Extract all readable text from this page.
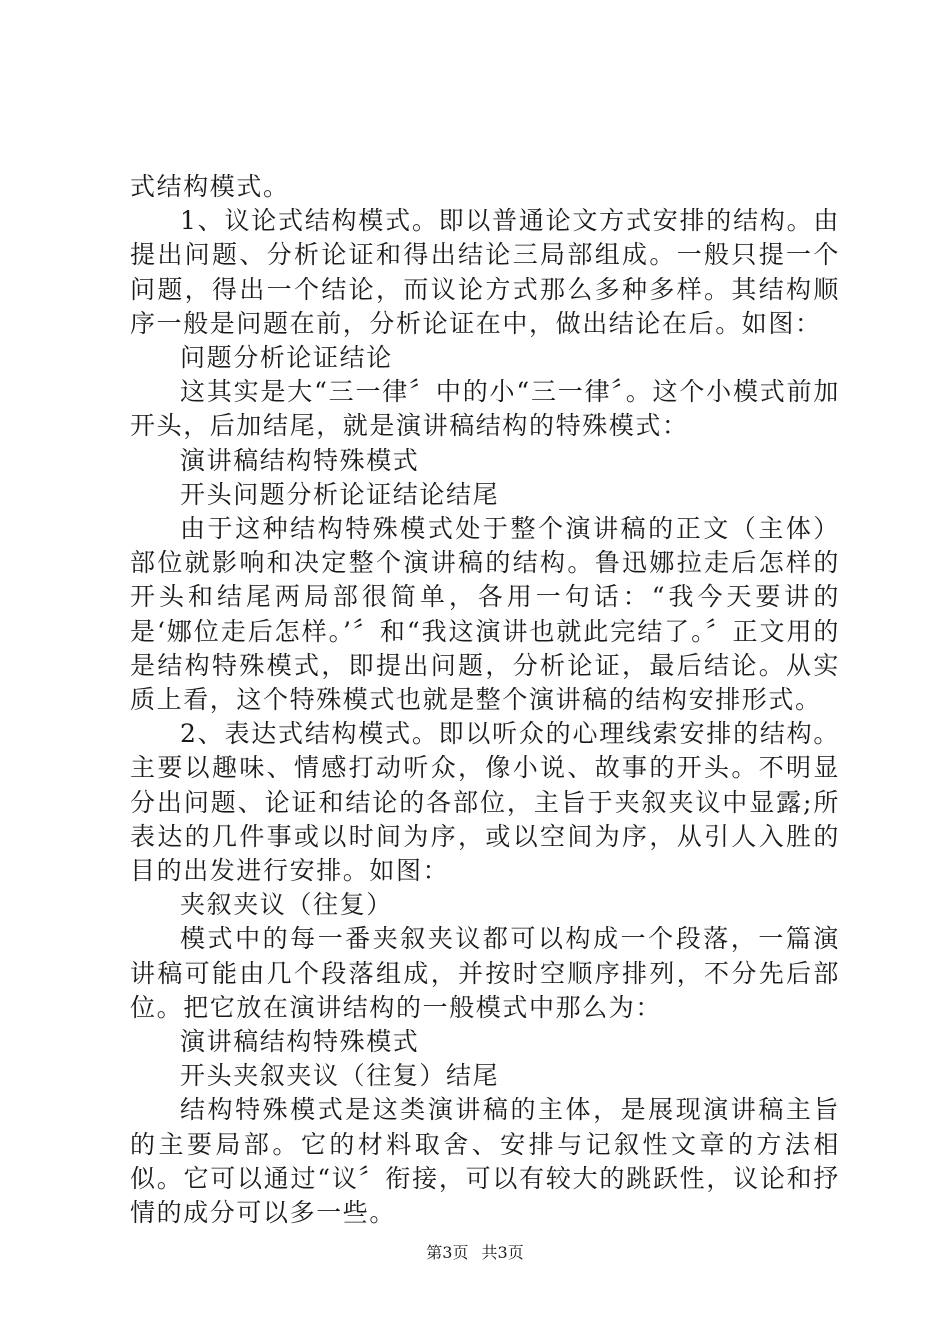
式结构模式。

1、议论式结构模式。即以普通论文方式安排的结构。由提出问题、分析论证和得出结论三局部组成。一般只提一个问题，得出一个结论，而议论方式那么多种多样。其结构顺序一般是问题在前，分析论证在中，做出结论在后。如图：

问题分析论证结论

这其实是大“三一律〞中的小“三一律〞。这个小模式前加开头，后加结尾，就是演讲稿结构的特殊模式：

演讲稿结构特殊模式

开头问题分析论证结论结尾

由于这种结构特殊模式处于整个演讲稿的正文（主体）部位就影响和决定整个演讲稿的结构。鲁迅娜拉走后怎样的开头和结尾两局部很简单，各用一句话：“我今天要讲的是‘娜位走后怎样。’〞和“我这演讲也就此完结了。〞正文用的是结构特殊模式，即提出问题，分析论证，最后结论。从实质上看，这个特殊模式也就是整个演讲稿的结构安排形式。

2、表达式结构模式。即以听众的心理线索安排的结构。主要以趣味、情感打动听众，像小说、故事的开头。不明显分出问题、论证和结论的各部位，主旨于夹叙夹议中显露;所表达的几件事或以时间为序，或以空间为序，从引人入胜的目的出发进行安排。如图：

夹叙夹议（往复）

模式中的每一番夹叙夹议都可以构成一个段落，一篇演讲稿可能由几个段落组成，并按时空顺序排列，不分先后部位。把它放在演讲结构的一般模式中那么为：

演讲稿结构特殊模式

开头夹叙夹议（往复）结尾

结构特殊模式是这类演讲稿的主体，是展现演讲稿主旨的主要局部。它的材料取舍、安排与记叙性文章的方法相似。它可以通过“议〞衔接，可以有较大的跳跃性，议论和抒情的成分可以多一些。

第3页 共3页
